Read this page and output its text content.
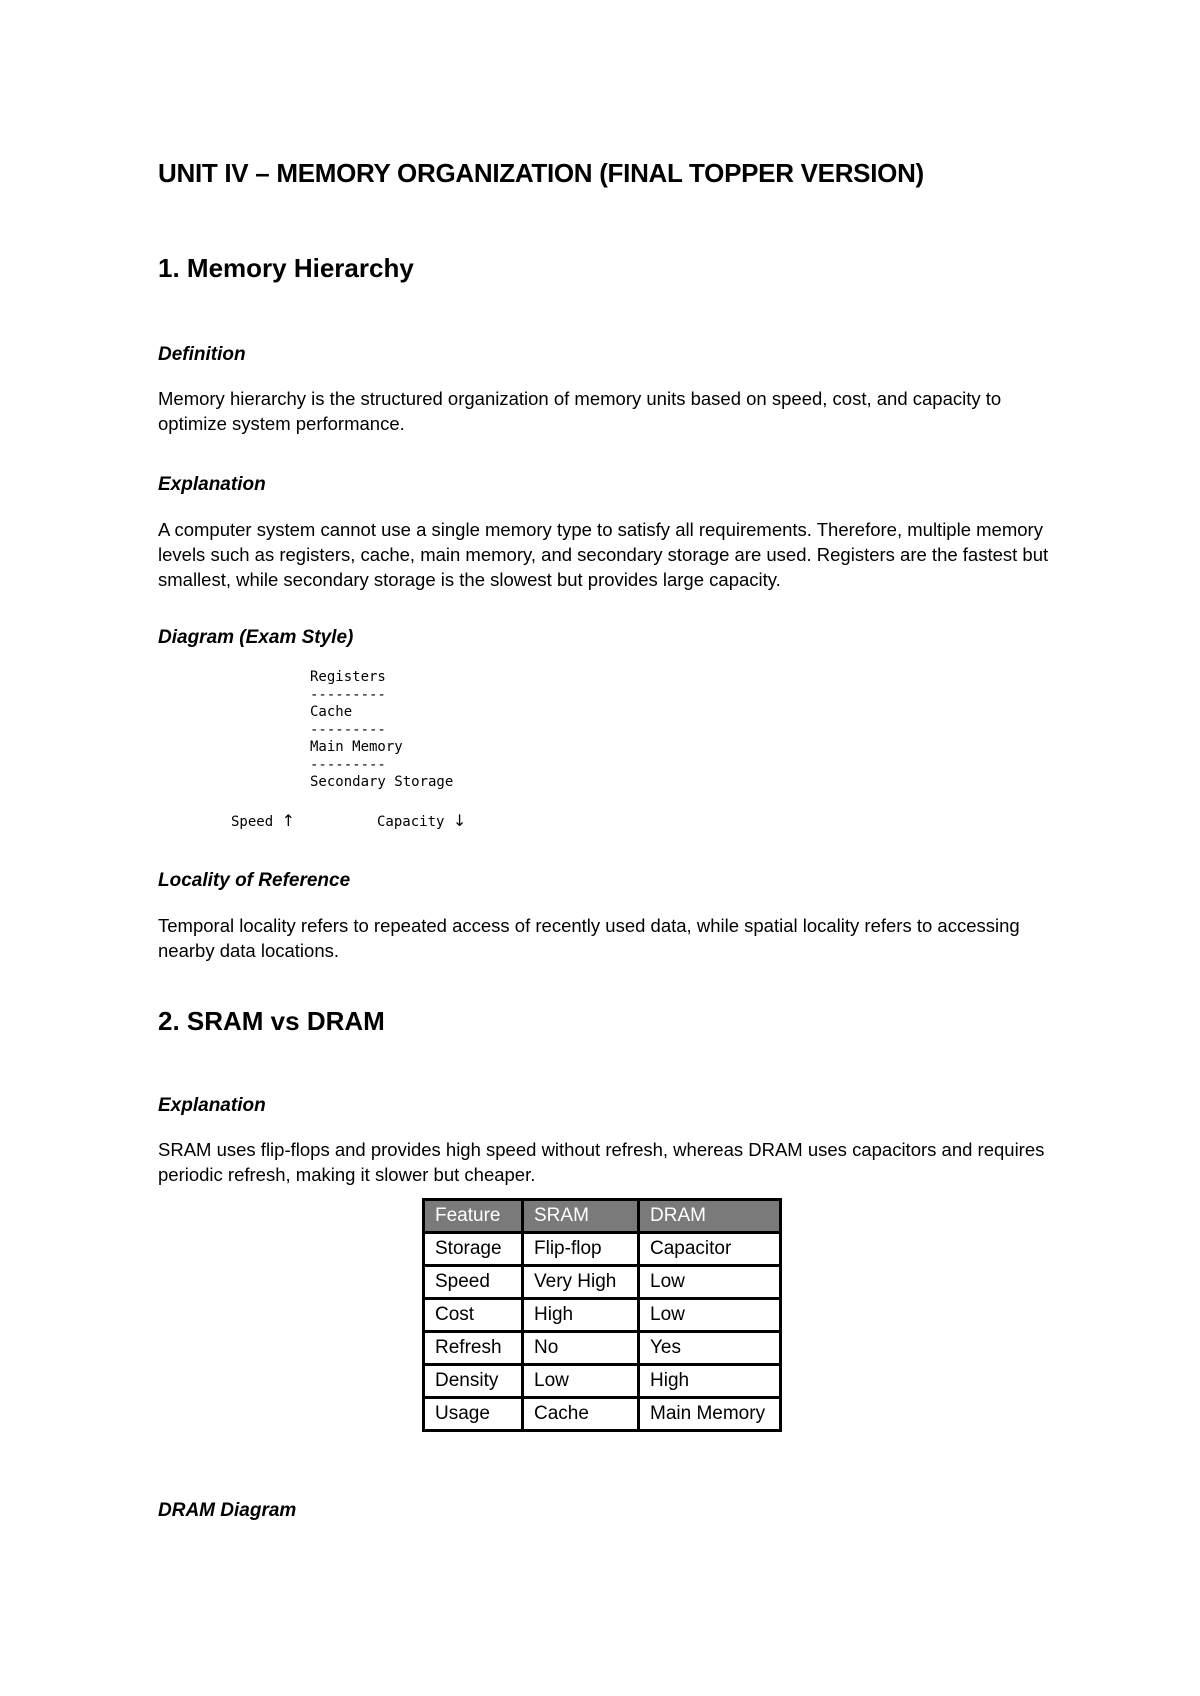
UNIT IV – MEMORY ORGANIZATION (FINAL TOPPER VERSION)
1. Memory Hierarchy
Definition

Memory hierarchy is the structured organization of memory units based on speed, cost, and capacity to optimize system performance.

Explanation

A computer system cannot use a single memory type to satisfy all requirements. Therefore, multiple memory levels such as registers, cache, main memory, and secondary storage are used. Registers are the fastest but smallest, while secondary storage is the slowest but provides large capacity.

Diagram (Exam Style)
Registers
---------
Cache
---------
Main Memory
---------
Secondary Storage
Speed ↑	Capacity ↓
Locality of Reference

Temporal locality refers to repeated access of recently used data, while spatial locality refers to accessing nearby data locations.

2. SRAM vs DRAM
Explanation

SRAM uses flip-flops and provides high speed without refresh, whereas DRAM uses capacitors and requires periodic refresh, making it slower but cheaper.

Feature	SRAM	DRAM
Storage	Flip-flop	Capacitor
Speed	Very High	Low
Cost	High	Low
Refresh	No	Yes
Density	Low	High
Usage	Cache	Main Memory
DRAM Diagram
